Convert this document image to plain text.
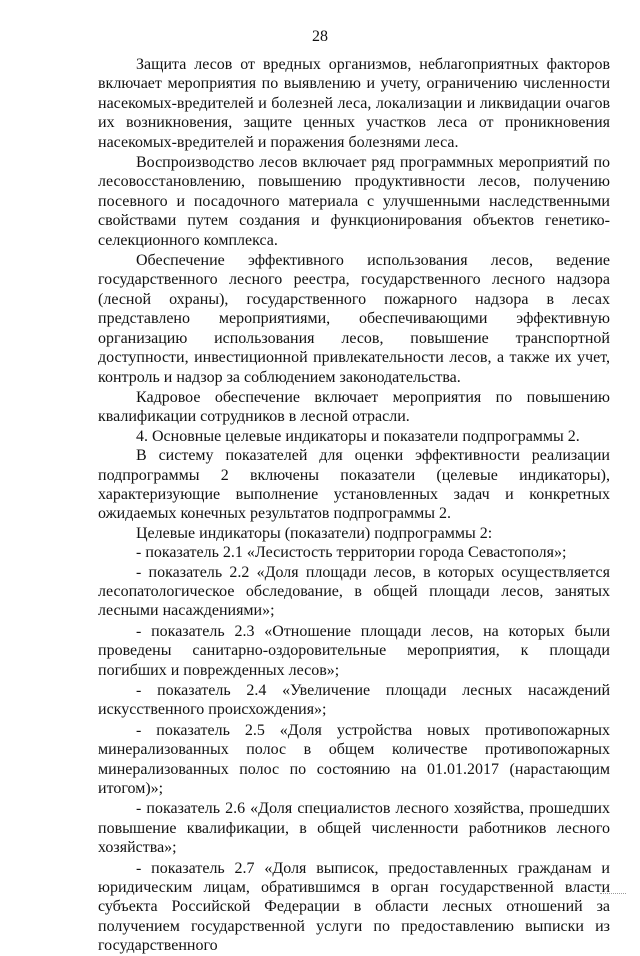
28

Защита лесов от вредных организмов, неблагоприятных факторов включает мероприятия по выявлению и учету, ограничению численности насекомых-вредителей и болезней леса, локализации и ликвидации очагов их возникновения, защите ценных участков леса от проникновения насекомых-вредителей и поражения болезнями леса.

Воспроизводство лесов включает ряд программных мероприятий по лесовосстановлению, повышению продуктивности лесов, получению посевного и посадочного материала с улучшенными наследственными свойствами путем создания и функционирования объектов генетико-селекционного комплекса.

Обеспечение эффективного использования лесов, ведение государственного лесного реестра, государственного лесного надзора (лесной охраны), государственного пожарного надзора в лесах представлено мероприятиями, обеспечивающими эффективную организацию использования лесов, повышение транспортной доступности, инвестиционной привлекательности лесов, а также их учет, контроль и надзор за соблюдением законодательства.

Кадровое обеспечение включает мероприятия по повышению квалификации сотрудников в лесной отрасли.

4. Основные целевые индикаторы и показатели подпрограммы 2.

В систему показателей для оценки эффективности реализации подпрограммы 2 включены показатели (целевые индикаторы), характеризующие выполнение установленных задач и конкретных ожидаемых конечных результатов подпрограммы 2.

Целевые индикаторы (показатели) подпрограммы 2:

- показатель 2.1 «Лесистость территории города Севастополя»;

- показатель 2.2 «Доля площади лесов, в которых осуществляется лесопатологическое обследование, в общей площади лесов, занятых лесными насаждениями»;

- показатель 2.3 «Отношение площади лесов, на которых были проведены санитарно-оздоровительные мероприятия, к площади погибших и поврежденных лесов»;

- показатель 2.4 «Увеличение площади лесных насаждений искусственного происхождения»;

- показатель 2.5 «Доля устройства новых противопожарных минерализованных полос в общем количестве противопожарных минерализованных полос по состоянию на 01.01.2017 (нарастающим итогом)»;

- показатель 2.6 «Доля специалистов лесного хозяйства, прошедших повышение квалификации, в общей численности работников лесного хозяйства»;

- показатель 2.7 «Доля выписок, предоставленных гражданам и юридическим лицам, обратившимся в орган государственной власти субъекта Российской Федерации в области лесных отношений за получением государственной услуги по предоставлению выписки из государственного
